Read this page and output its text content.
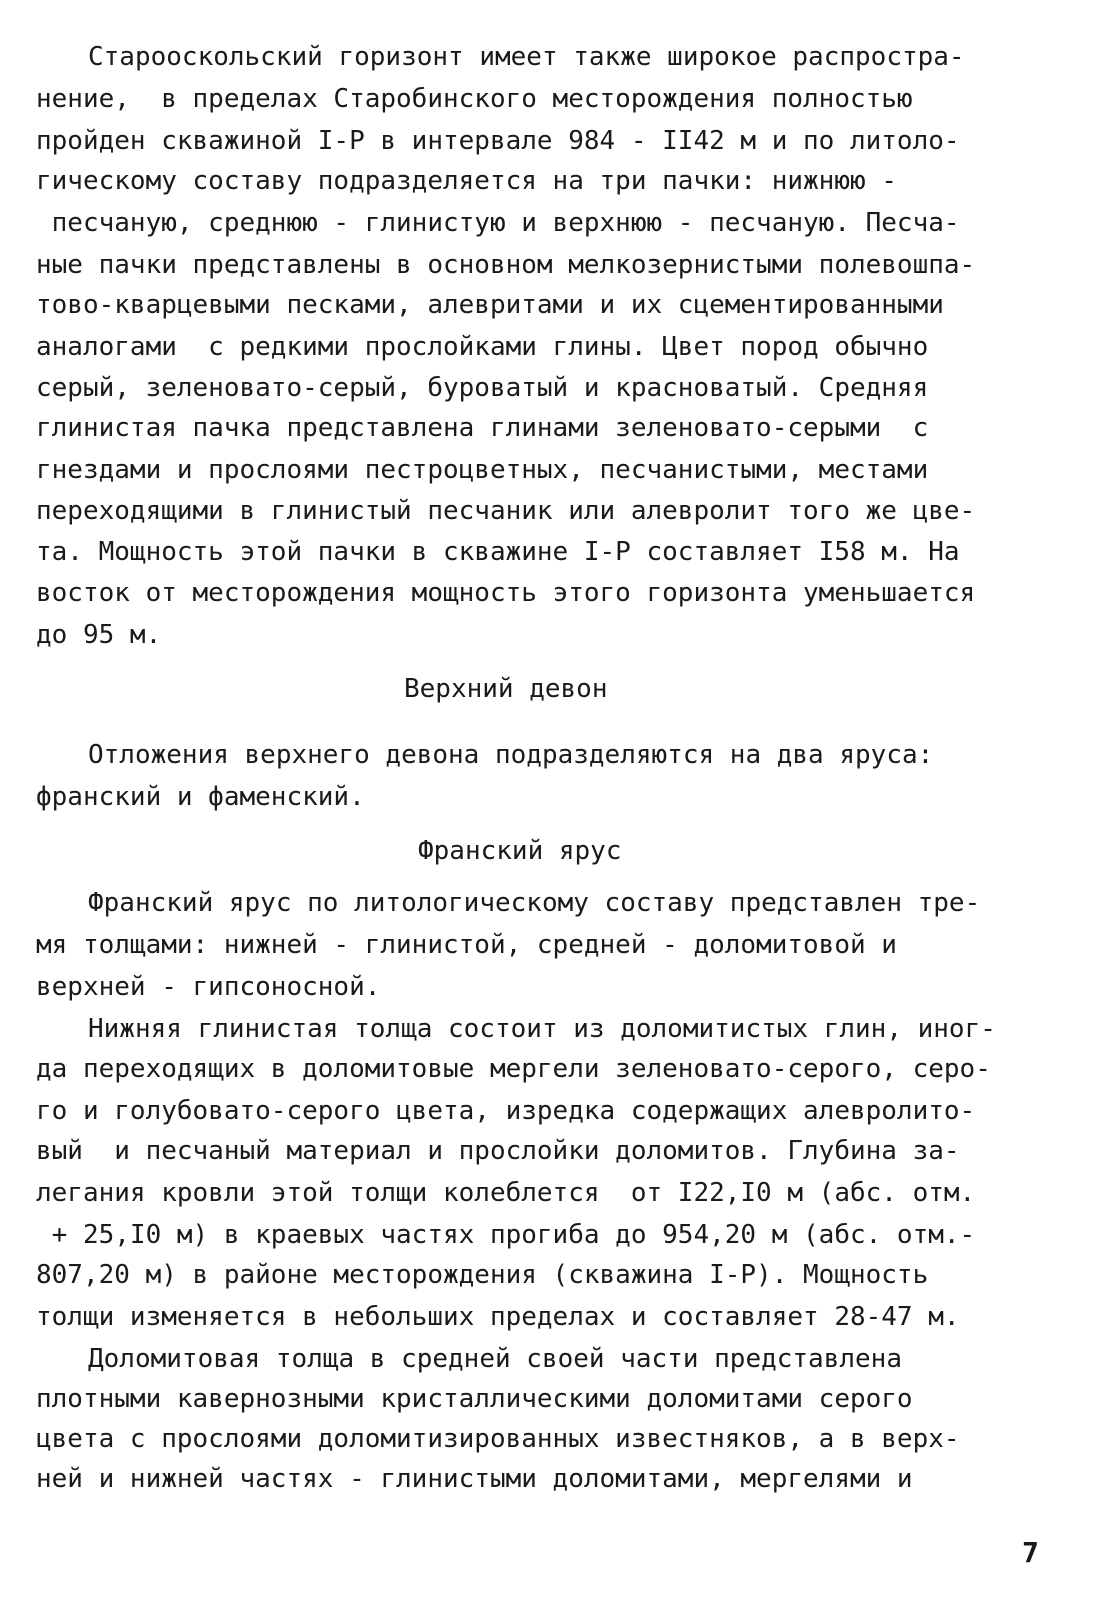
Старооскольский горизонт имеет также широкое распростра-
нение,  в пределах Старобинского месторождения полностью
пройден скважиной I-Р в интервале 984 - II42 м и по литоло-
гическому составу подразделяется на три пачки: нижнюю -
песчаную, среднюю - глинистую и верхнюю - песчаную. Песча-
ные пачки представлены в основном мелкозернистыми полевошпа-
тово-кварцевыми песками, алевритами и их сцементированными
аналогами  с редкими прослойками глины. Цвет пород обычно
серый, зеленовато-серый, буроватый и красноватый. Средняя
глинистая пачка представлена глинами зеленовато-серыми  с
гнездами и прослоями пестроцветных, песчанистыми, местами
переходящими в глинистый песчаник или алевролит того же цве-
та. Мощность этой пачки в скважине I-Р составляет I58 м. На
восток от месторождения мощность этого горизонта уменьшается
до 95 м.
Верхний девон
Отложения верхнего девона подразделяются на два яруса:
франский и фаменский.
Франский ярус
Франский ярус по литологическому составу представлен тре-
мя толщами: нижней - глинистой, средней - доломитовой и
верхней - гипсоносной.
Нижняя глинистая толща состоит из доломитистых глин, иног-
да переходящих в доломитовые мергели зеленовато-серого, серо-
го и голубовато-серого цвета, изредка содержащих алевролито-
вый  и песчаный материал и прослойки доломитов. Глубина за-
легания кровли этой толщи колеблется  от I22,I0 м (абс. отм.
+ 25,I0 м) в краевых частях прогиба до 954,20 м (абс. отм.-
807,20 м) в районе месторождения (скважина I-Р). Мощность
толщи изменяется в небольших пределах и составляет 28-47 м.
Доломитовая толща в средней своей части представлена
плотными кавернозными кристаллическими доломитами серого
цвета с прослоями доломитизированных известняков, а в верх-
ней и нижней частях - глинистыми доломитами, мергелями и
7
